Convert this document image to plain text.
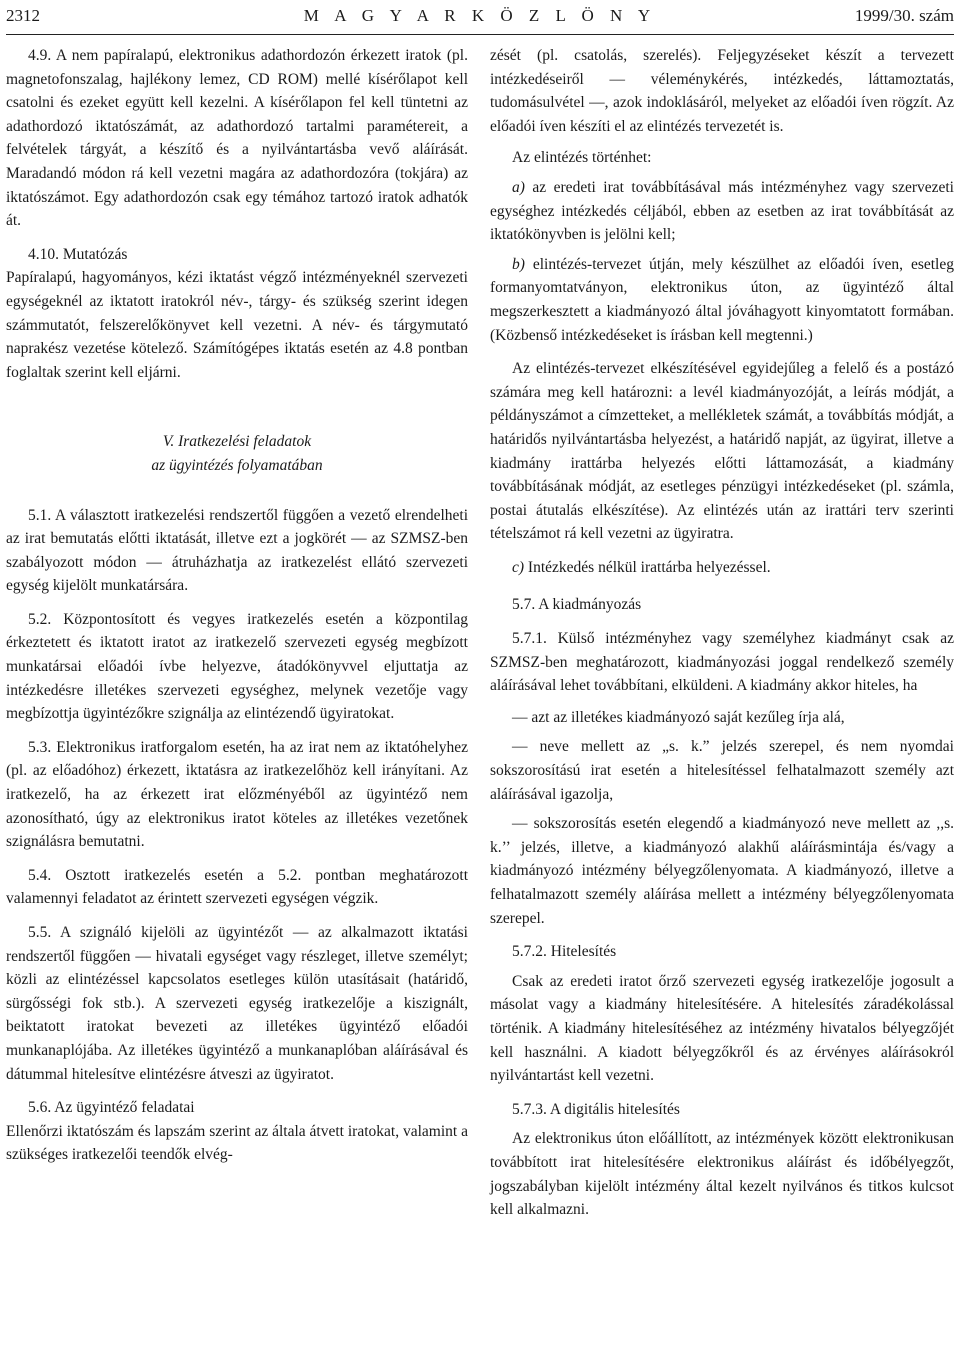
2312	M A G Y A R K Ö Z L Ö N Y	1999/30. szám

4.9. A nem papíralapú, elektronikus adathordozón érkezett iratok (pl. magnetofonszalag, hajlékony lemez, CD ROM) mellé kísérőlapot kell csatolni és ezeket együtt kell kezelni. A kísérőlapon fel kell tüntetni az adathordozó iktatószámát, az adathordozó tartalmi paramétereit, a felvételek tárgyát, a készítő és a nyilvántartásba vevő aláírását. Maradandó módon rá kell vezetni magára az adathordozóra (tokjára) az iktatószámot. Egy adathordozón csak egy témához tartozó iratok adhatók át.

4.10. Mutatózás

Papíralapú, hagyományos, kézi iktatást végző intézményeknél szervezeti egységeknél az iktatott iratokról név-, tárgy- és szükség szerint idegen számmutatót, felszerelőkönyvet kell vezetni. A név- és tárgymutató naprakész vezetése kötelező. Számítógépes iktatás esetén az 4.8 pontban foglaltak szerint kell eljárni.

V. Iratkezelési feladatok
az ügyintézés folyamatában

5.1. A választott iratkezelési rendszertől függően a vezető elrendelheti az irat bemutatás előtti iktatását, illetve ezt a jogkörét — az SZMSZ-ben szabályozott módon — átruházhatja az iratkezelést ellátó szervezeti egység kijelölt munkatársára.

5.2. Központosított és vegyes iratkezelés esetén a központilag érkeztetett és iktatott iratot az iratkezelő szervezeti egység megbízott munkatársai előadói ívbe helyezve, átadókönyvvel eljuttatja az intézkedésre illetékes szervezeti egységhez, melynek vezetője vagy megbízottja ügyintézőkre szignálja az elintézendő ügyiratokat.

5.3. Elektronikus iratforgalom esetén, ha az irat nem az iktatóhelyhez (pl. az előadóhoz) érkezett, iktatásra az iratkezelőhöz kell irányítani. Az iratkezelő, ha az érkezett irat előzményéből az ügyintéző nem azonosítható, úgy az elektronikus iratot köteles az illetékes vezetőnek szignálásra bemutatni.

5.4. Osztott iratkezelés esetén a 5.2. pontban meghatározott valamennyi feladatot az érintett szervezeti egységen végzik.

5.5. A szignáló kijelöli az ügyintézőt — az alkalmazott iktatási rendszertől függően — hivatali egységet vagy részleget, illetve személyt; közli az elintézéssel kapcsolatos esetleges külön utasításait (határidő, sürgősségi fok stb.). A szervezeti egység iratkezelője a kiszignált, beiktatott iratokat bevezeti az illetékes ügyintéző előadói munkanaplójába. Az illetékes ügyintéző a munkanaplóban aláírásával és dátummal hitelesítve elintézésre átveszi az ügyiratot.

5.6. Az ügyintéző feladatai

Ellenőrzi iktatószám és lapszám szerint az általa átvett iratokat, valamint a szükséges iratkezelői teendők elvég-

zését (pl. csatolás, szerelés). Feljegyzéseket készít a tervezett intézkedéseiről — véleménykérés, intézkedés, láttamoztatás, tudomásulvétel —, azok indoklásáról, melyeket az előadói íven rögzít. Az előadói íven készíti el az elintézés tervezetét is.

Az elintézés történhet:

a) az eredeti irat továbbításával más intézményhez vagy szervezeti egységhez intézkedés céljából, ebben az esetben az irat továbbítását az iktatókönyvben is jelölni kell;

b) elintézés-tervezet útján, mely készülhet az előadói íven, esetleg formanyomtatványon, elektronikus úton, az ügyintéző által megszerkesztett a kiadmányozó által jóváhagyott kinyomtatott formában. (Közbenső intézkedéseket is írásban kell megtenni.)

Az elintézés-tervezet elkészítésével egyidejűleg a felelő és a postázó számára meg kell határozni: a levél kiadmányozóját, a leírás módját, a példányszámot a címzetteket, a mellékletek számát, a továbbítás módját, a határidős nyilvántartásba helyezést, a határidő napját, az ügyirat, illetve a kiadmány irattárba helyezés előtti láttamozását, a kiadmány továbbításának módját, az esetleges pénzügyi intézkedéseket (pl. számla, postai átutalás elkészítése). Az elintézés után az irattári terv szerinti tételszámot rá kell vezetni az ügyiratra.

c) Intézkedés nélkül irattárba helyezéssel.

5.7. A kiadmányozás

5.7.1. Külső intézményhez vagy személyhez kiadmányt csak az SZMSZ-ben meghatározott, kiadmányozási joggal rendelkező személy aláírásával lehet továbbítani, elküldeni. A kiadmány akkor hiteles, ha

— azt az illetékes kiadmányozó saját kezűleg írja alá,

— neve mellett az „s. k.” jelzés szerepel, és nem nyomdai sokszorosítású irat esetén a hitelesítéssel felhatalmazott személy azt aláírásával igazolja,

— sokszorosítás esetén elegendő a kiadmányozó neve mellett az ,,s. k.’’ jelzés, illetve, a kiadmányozó alakhű aláírásmintája és/vagy a kiadmányozó intézmény bélyegzőlenyomata. A kiadmányozó, illetve a felhatalmazott személy aláírása mellett a intézmény bélyegzőlenyomata szerepel.

5.7.2. Hitelesítés

Csak az eredeti iratot őrző szervezeti egység iratkezelője jogosult a másolat vagy a kiadmány hitelesítésére. A hitelesítés záradékolással történik. A kiadmány hitelesítéséhez az intézmény hivatalos bélyegzőjét kell használni. A kiadott bélyegzőkről és az érvényes aláírásokról nyilvántartást kell vezetni.

5.7.3. A digitális hitelesítés

Az elektronikus úton előállított, az intézmények között elektronikusan továbbított irat hitelesítésére elektronikus aláírást és időbélyegzőt, jogszabályban kijelölt intézmény által kezelt nyilvános és titkos kulcsot kell alkalmazni.
